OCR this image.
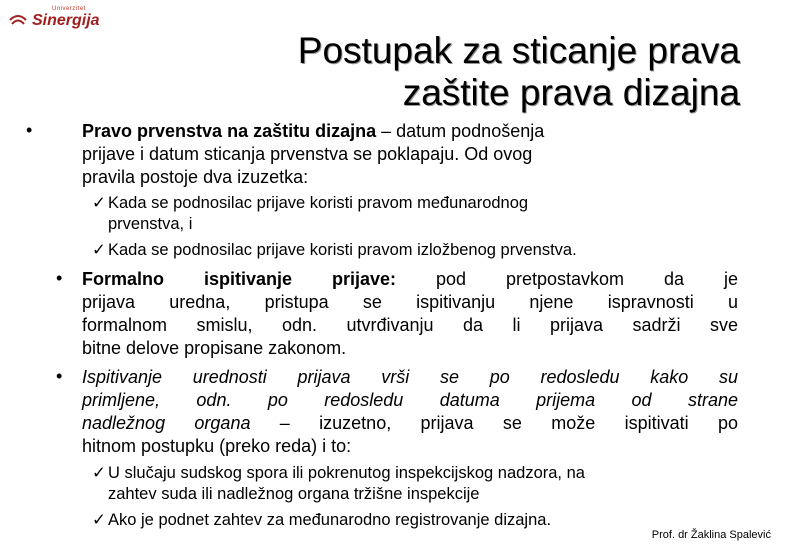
Univerzitet
Sinergija
•	Pravo prvenstva na zaštitu dizajna – datum podnošenja
prijave i datum sticanja prvenstva se poklapaju. Od ovog
pravila postoje dva izuzetka:
✓ Kada se podnosilac prijave koristi pravom međunarodnog
prvenstva, i
✓ Kada se podnosilac prijave koristi pravom izložbenog prvenstva.
• Formalno ispitivanje prijave: pod pretpostavkom da je
prijava uredna, pristupa se ispitivanju njene ispravnosti u
formalnom smislu, odn. utvrđivanju da li prijava sadrži sve
bitne delove propisane zakonom.
• Ispitivanje urednosti prijava vrši se po redosledu kako su
primljene, odn. po redosledu datuma prijema od strane
nadležnog organa – izuzetno, prijava se može ispitivati po
hitnom postupku (preko reda) i to:
✓ U slučaju sudskog spora ili pokrenutog inspekcijskog nadzora, na
zahtev suda ili nadležnog organa tržišne inspekcije
✓ Ako je podnet zahtev za međunarodno registrovanje dizajna.
Postupak za sticanje prava
zaštite prava dizajna
Prof. dr Žaklina Spalević
